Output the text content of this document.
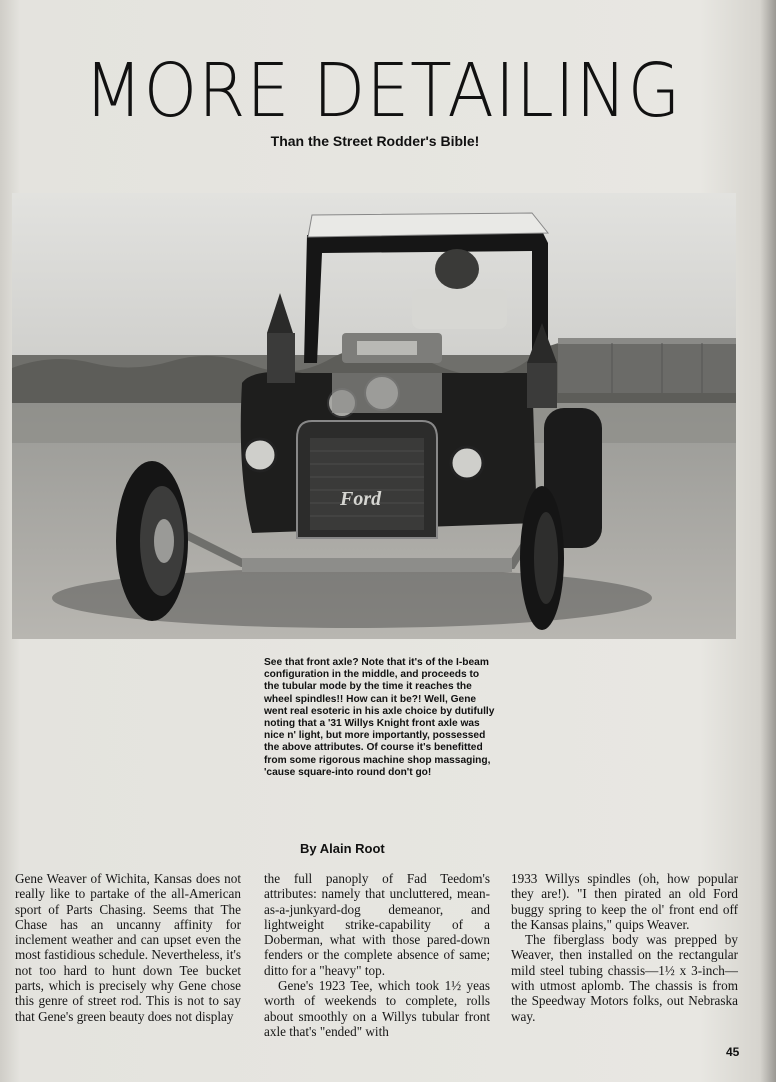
MORE DETAILING
Than the Street Rodder's Bible!
Ford
See that front axle? Note that it's of the I-beam configuration in the middle, and proceeds to the tubular mode by the time it reaches the wheel spindles!! How can it be?! Well, Gene went real esoteric in his axle choice by dutifully noting that a '31 Willys Knight front axle was nice n' light, but more importantly, possessed the above attributes. Of course it's benefitted from some rigorous machine shop massaging, 'cause square-into round don't go!
By Alain Root

Gene Weaver of Wichita, Kansas does not really like to partake of the all-American sport of Parts Chasing. Seems that The Chase has an uncanny affinity for inclement weather and can upset even the most fastidious schedule. Nevertheless, it's not too hard to hunt down Tee bucket parts, which is precisely why Gene chose this genre of street rod. This is not to say that Gene's green beauty does not display

the full panoply of Fad Teedom's attributes: namely that uncluttered, mean-as-a-junkyard-dog demeanor, and lightweight strike-capability of a Doberman, what with those pared-down fenders or the complete absence of same; ditto for a "heavy" top.

Gene's 1923 Tee, which took 1½ yeas worth of weekends to complete, rolls about smoothly on a Willys tubular front axle that's "ended" with

1933 Willys spindles (oh, how popular they are!). "I then pirated an old Ford buggy spring to keep the ol' front end off the Kansas plains," quips Weaver.

The fiberglass body was prepped by Weaver, then installed on the rectangular mild steel tubing chassis—1½ x 3-inch—with utmost aplomb. The chassis is from the Speedway Motors folks, out Nebraska way.

45
